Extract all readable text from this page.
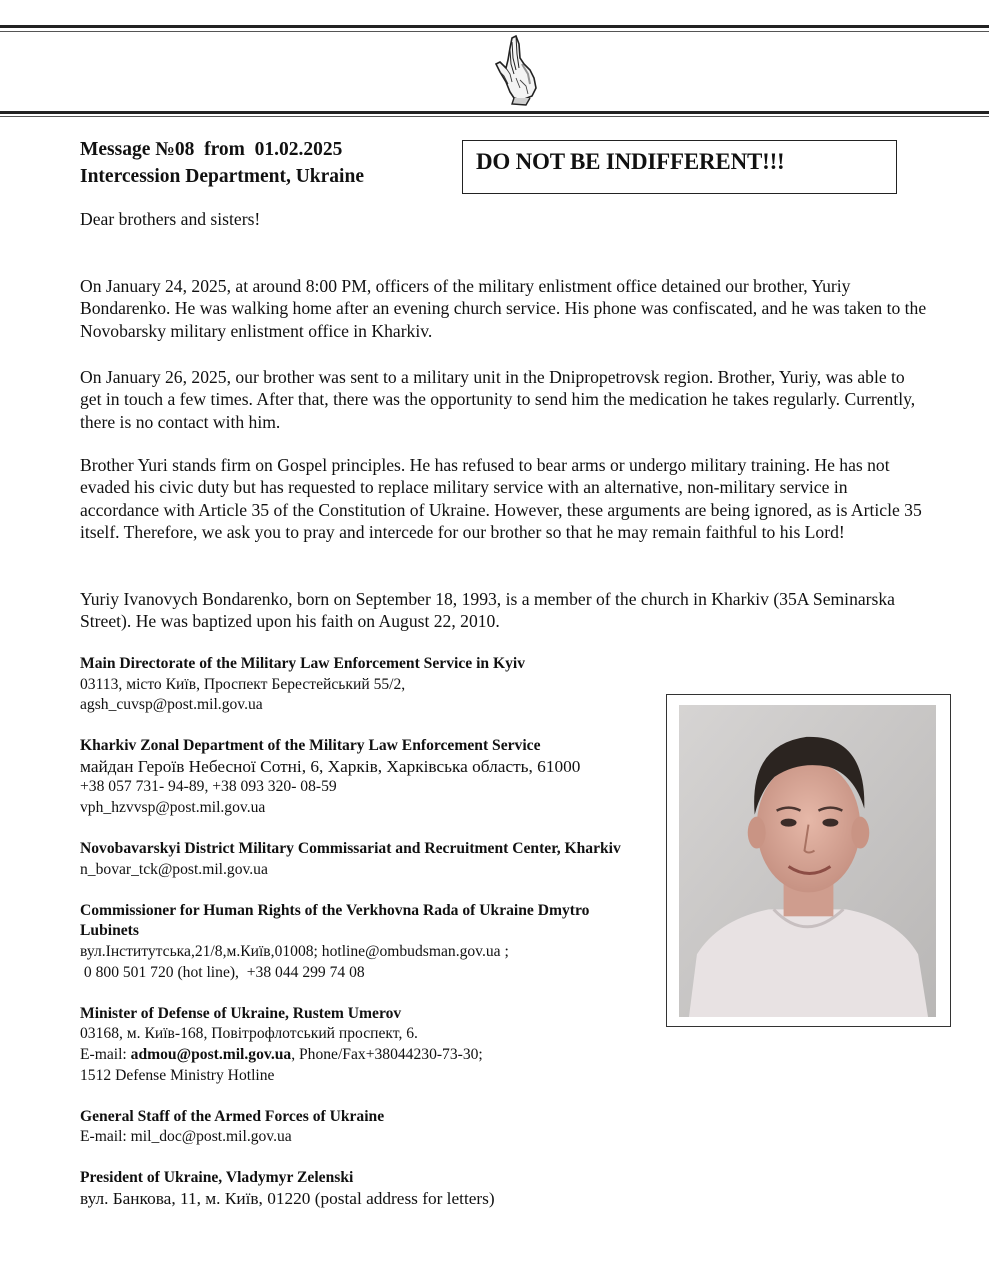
Message №08  from  01.02.2025
Intercession Department, Ukraine
DO NOT BE INDIFFERENT!!!
Dear brothers and sisters!
On January 24, 2025, at around 8:00 PM, officers of the military enlistment office detained our brother, Yuriy Bondarenko. He was walking home after an evening church service. His phone was confiscated, and he was taken to the Novobarsky military enlistment office in Kharkiv.
On January 26, 2025, our brother was sent to a military unit in the Dnipropetrovsk region. Brother, Yuriy, was able to get in touch a few times. After that, there was the opportunity to send him the medication he takes regularly. Currently, there is no contact with him.
Brother Yuri stands firm on Gospel principles. He has refused to bear arms or undergo military training. He has not evaded his civic duty but has requested to replace military service with an alternative, non-military service in accordance with Article 35 of the Constitution of Ukraine. However, these arguments are being ignored, as is Article 35 itself. Therefore, we ask you to pray and intercede for our brother so that he may remain faithful to his Lord!
Yuriy Ivanovych Bondarenko, born on September 18, 1993, is a member of the church in Kharkiv (35A Seminarska Street). He was baptized upon his faith on August 22, 2010.
Main Directorate of the Military Law Enforcement Service in Kyiv
03113, місто Київ, Проспект Берестейський 55/2,
agsh_cuvsp@post.mil.gov.ua
Kharkiv Zonal Department of the Military Law Enforcement Service
майдан Героїв Небесної Сотні, 6, Харків, Харківська область, 61000
+38 057 731- 94-89, +38 093 320- 08-59
vph_hzvvsp@post.mil.gov.ua
Novobavarskyi District Military Commissariat and Recruitment Center, Kharkiv
n_bovar_tck@post.mil.gov.ua
Commissioner for Human Rights of the Verkhovna Rada of Ukraine Dmytro Lubinets
вул.Інститутська,21/8,м.Київ,01008; hotline@ombudsman.gov.ua ;
0 800 501 720 (hot line),  +38 044 299 74 08
Minister of Defense of Ukraine, Rustem Umerov
03168, м. Київ-168, Повітрофлотський проспект, 6.
E-mail: admou@post.mil.gov.ua, Phone/Fax+38044230-73-30;
1512 Defense Ministry Hotline
General Staff of the Armed Forces of Ukraine
E-mail: mil_doc@post.mil.gov.ua
President of Ukraine, Vladymyr Zelenski
вул. Банкова, 11, м. Київ, 01220 (postal address for letters)
